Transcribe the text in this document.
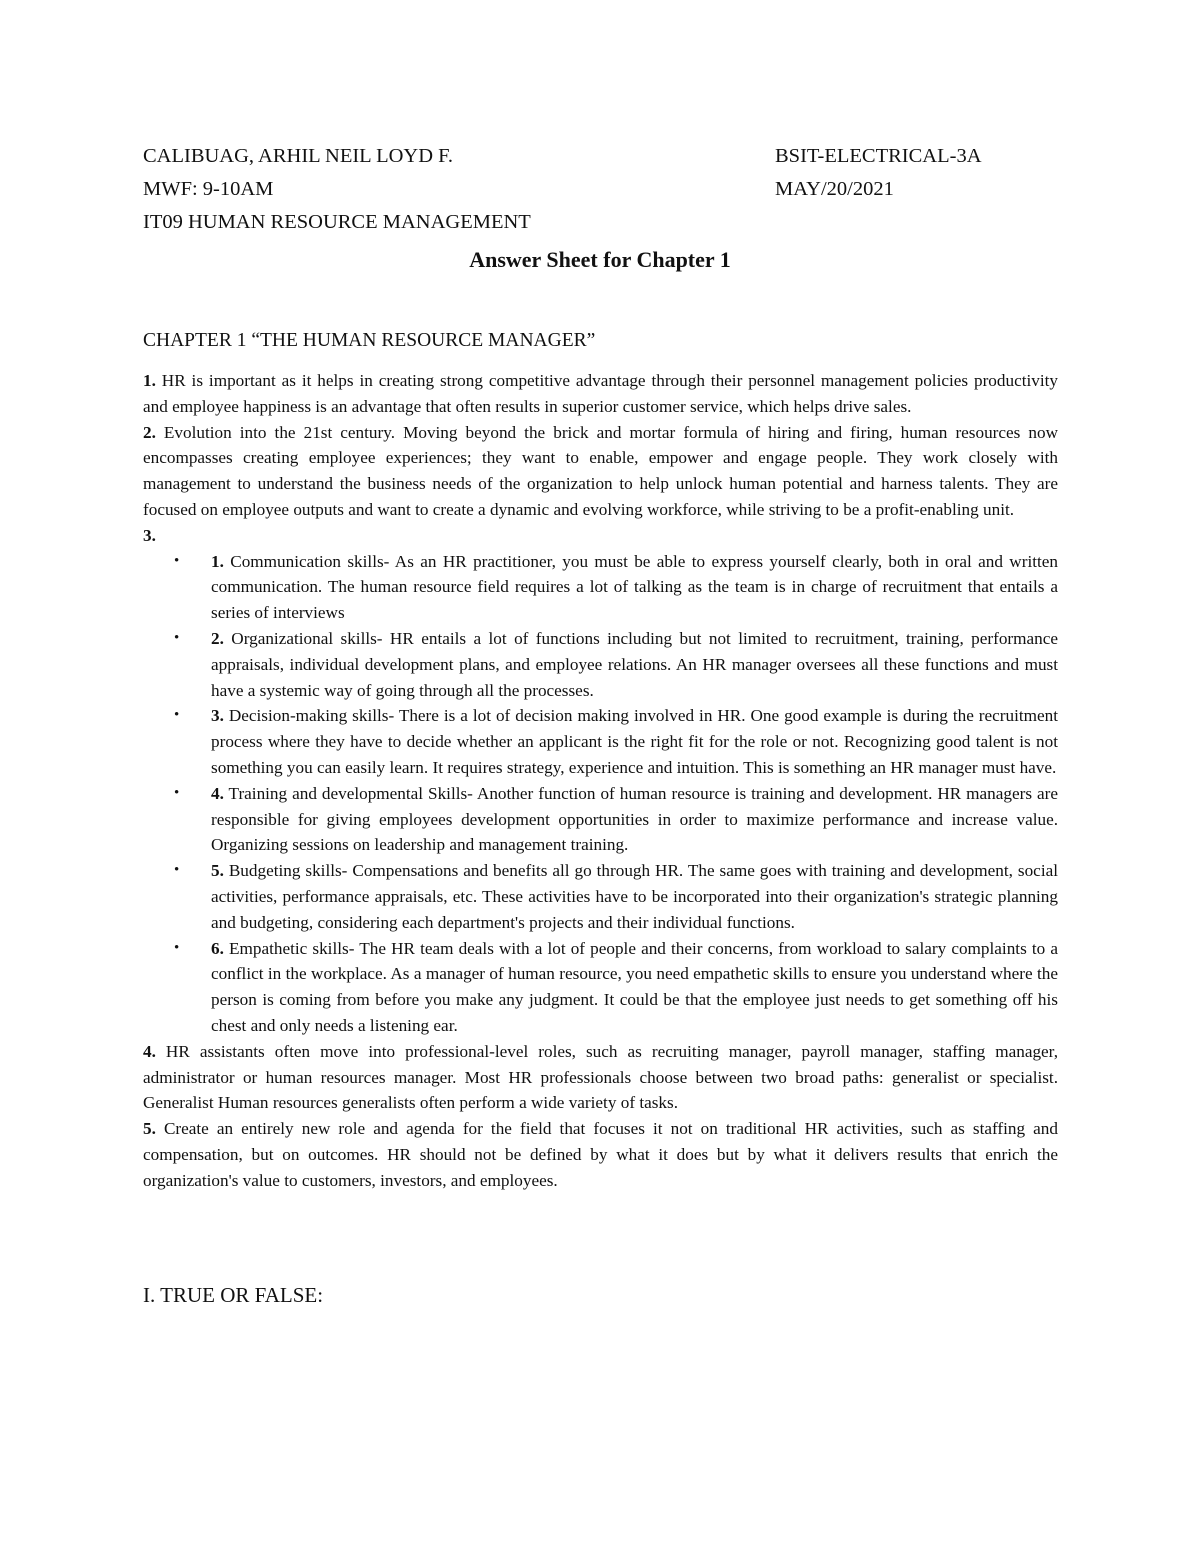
CALIBUAG, ARHIL NEIL LOYD F.	BSIT-ELECTRICAL-3A
MWF: 9-10AM	MAY/20/2021
IT09 HUMAN RESOURCE MANAGEMENT
Answer Sheet for Chapter 1
CHAPTER 1 “THE HUMAN RESOURCE MANAGER”

1. HR is important as it helps in creating strong competitive advantage through their personnel management policies productivity and employee happiness is an advantage that often results in superior customer service, which helps drive sales.

2. Evolution into the 21st century. Moving beyond the brick and mortar formula of hiring and firing, human resources now encompasses creating employee experiences; they want to enable, empower and engage people. They work closely with management to understand the business needs of the organization to help unlock human potential and harness talents. They are focused on employee outputs and want to create a dynamic and evolving workforce, while striving to be a profit-enabling unit.

3.

• 1. Communication skills- As an HR practitioner, you must be able to express yourself clearly, both in oral and written communication. The human resource field requires a lot of talking as the team is in charge of recruitment that entails a series of interviews
• 2. Organizational skills- HR entails a lot of functions including but not limited to recruitment, training, performance appraisals, individual development plans, and employee relations. An HR manager oversees all these functions and must have a systemic way of going through all the processes.
• 3. Decision-making skills- There is a lot of decision making involved in HR. One good example is during the recruitment process where they have to decide whether an applicant is the right fit for the role or not. Recognizing good talent is not something you can easily learn. It requires strategy, experience and intuition. This is something an HR manager must have.
• 4. Training and developmental Skills- Another function of human resource is training and development. HR managers are responsible for giving employees development opportunities in order to maximize performance and increase value. Organizing sessions on leadership and management training.
• 5. Budgeting skills- Compensations and benefits all go through HR. The same goes with training and development, social activities, performance appraisals, etc. These activities have to be incorporated into their organization's strategic planning and budgeting, considering each department's projects and their individual functions.
• 6. Empathetic skills- The HR team deals with a lot of people and their concerns, from workload to salary complaints to a conflict in the workplace. As a manager of human resource, you need empathetic skills to ensure you understand where the person is coming from before you make any judgment. It could be that the employee just needs to get something off his chest and only needs a listening ear.

4. HR assistants often move into professional-level roles, such as recruiting manager, payroll manager, staffing manager, administrator or human resources manager. Most HR professionals choose between two broad paths: generalist or specialist. Generalist Human resources generalists often perform a wide variety of tasks.

5. Create an entirely new role and agenda for the field that focuses it not on traditional HR activities, such as staffing and compensation, but on outcomes. HR should not be defined by what it does but by what it delivers results that enrich the organization's value to customers, investors, and employees.

I. TRUE OR FALSE:
